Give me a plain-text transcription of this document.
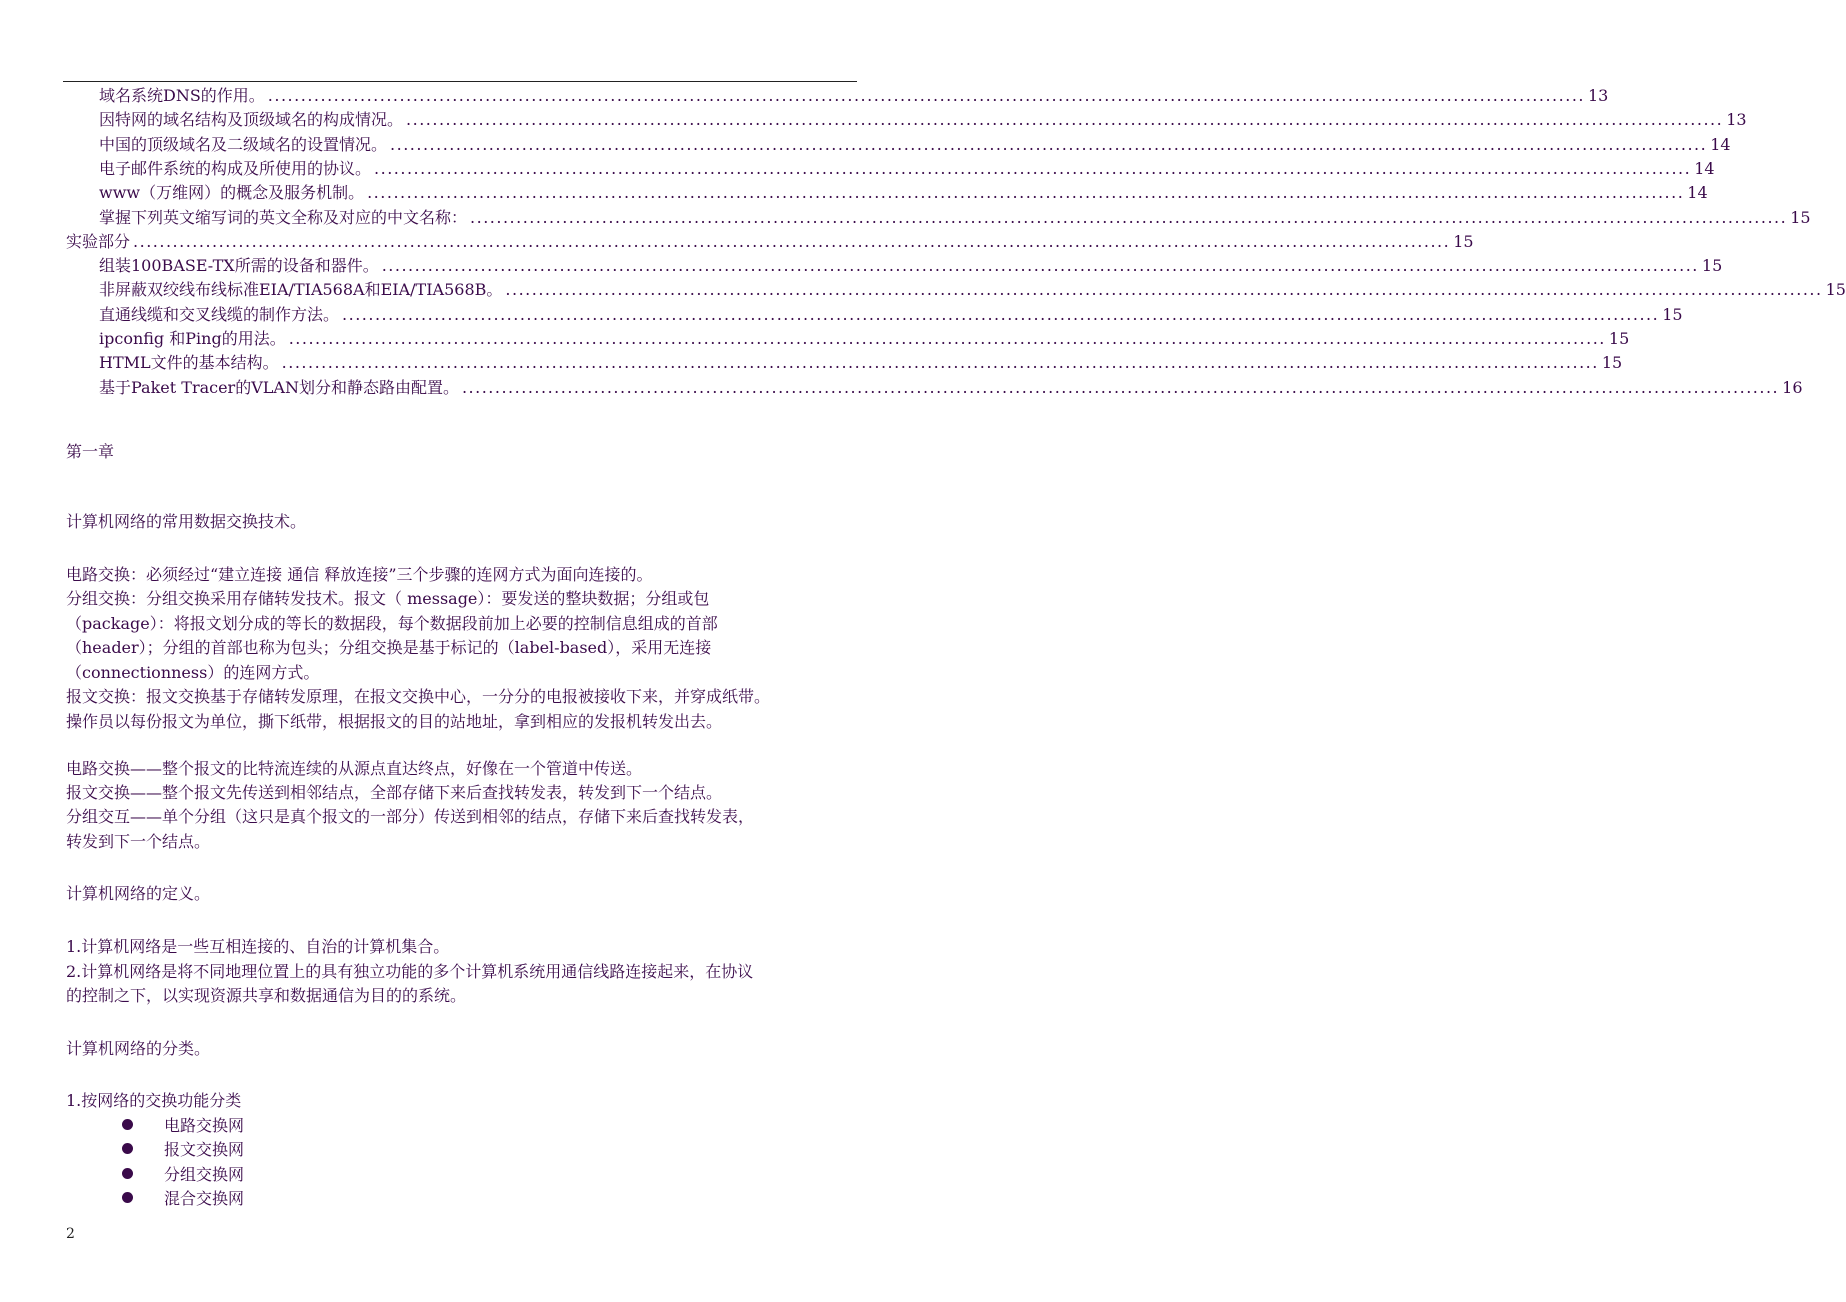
域名系统DNS的作用。 ........................................................................................................................................................................................................ 13
因特网的域名结构及顶级域名的构成情况。 ........................................................................................................................................................................................................ 13
中国的顶级域名及二级域名的设置情况。 ........................................................................................................................................................................................................ 14
电子邮件系统的构成及所使用的协议。 ........................................................................................................................................................................................................ 14
www（万维网）的概念及服务机制。 ........................................................................................................................................................................................................ 14
掌握下列英文缩写词的英文全称及对应的中文名称： ........................................................................................................................................................................................................ 15
实验部分 ........................................................................................................................................................................................................ 15
组装100BASE-TX所需的设备和器件。 ........................................................................................................................................................................................................ 15
非屏蔽双绞线布线标准EIA/TIA568A和EIA/TIA568B。 ........................................................................................................................................................................................................ 15
直通线缆和交叉线缆的制作方法。 ........................................................................................................................................................................................................ 15
ipconfig 和Ping的用法。 ........................................................................................................................................................................................................ 15
HTML文件的基本结构。 ........................................................................................................................................................................................................ 15
基于Paket Tracer的VLAN划分和静态路由配置。 ........................................................................................................................................................................................................ 16
第一章
计算机网络的常用数据交换技术。
电路交换：必须经过“建立连接 通信 释放连接”三个步骤的连网方式为面向连接的。
分组交换：分组交换采用存储转发技术。报文（ message）：要发送的整块数据；分组或包
（package）：将报文划分成的等长的数据段，每个数据段前加上必要的控制信息组成的首部
（header）；分组的首部也称为包头；分组交换是基于标记的（label-based），采用无连接
（connectionness）的连网方式。
报文交换：报文交换基于存储转发原理，在报文交换中心，一分分的电报被接收下来，并穿成纸带。
操作员以每份报文为单位，撕下纸带，根据报文的目的站地址，拿到相应的发报机转发出去。
电路交换——整个报文的比特流连续的从源点直达终点，好像在一个管道中传送。
报文交换——整个报文先传送到相邻结点，全部存储下来后查找转发表，转发到下一个结点。
分组交互——单个分组（这只是真个报文的一部分）传送到相邻的结点，存储下来后查找转发表，
转发到下一个结点。
计算机网络的定义。
1.计算机网络是一些互相连接的、自治的计算机集合。
2.计算机网络是将不同地理位置上的具有独立功能的多个计算机系统用通信线路连接起来，在协议
的控制之下，以实现资源共享和数据通信为目的的系统。
计算机网络的分类。
1.按网络的交换功能分类
电路交换网
报文交换网
分组交换网
混合交换网
2
